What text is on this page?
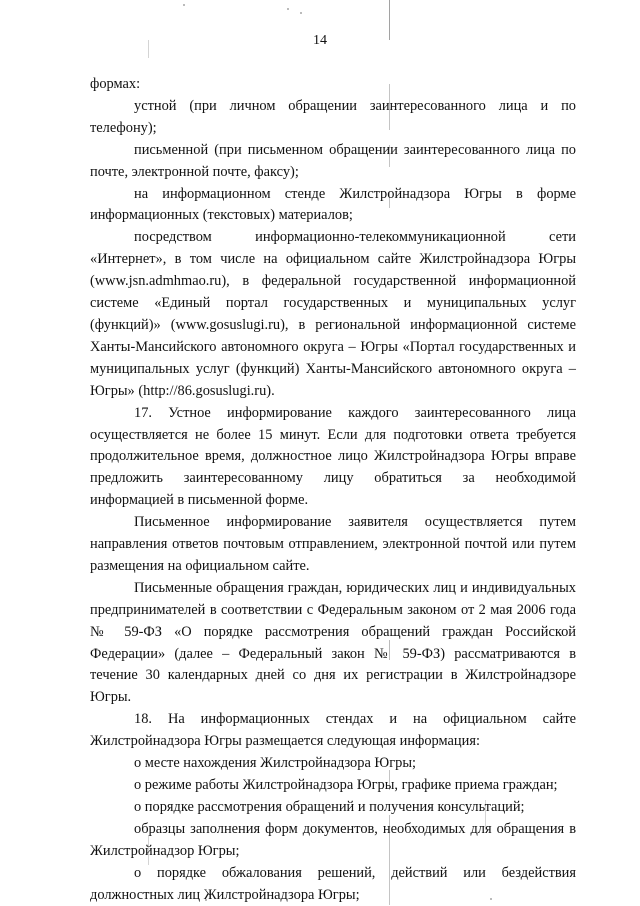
14

формах:

устной (при личном обращении заинтересованного лица и по телефону);

письменной (при письменном обращении заинтересованного лица по почте, электронной почте, факсу);

на информационном стенде Жилстройнадзора Югры в форме информационных (текстовых) материалов;

посредством информационно-телекоммуникационной сети «Интернет», в том числе на официальном сайте Жилстройнадзора Югры (www.jsn.admhmao.ru), в федеральной государственной информационной системе «Единый портал государственных и муниципальных услуг (функций)» (www.gosuslugi.ru), в региональной информационной системе Ханты-Мансийского автономного округа – Югры «Портал государственных и муниципальных услуг (функций) Ханты-Мансийского автономного округа – Югры» (http://86.gosuslugi.ru).

17. Устное информирование каждого заинтересованного лица осуществляется не более 15 минут. Если для подготовки ответа требуется продолжительное время, должностное лицо Жилстройнадзора Югры вправе предложить заинтересованному лицу обратиться за необходимой информацией в письменной форме.

Письменное информирование заявителя осуществляется путем направления ответов почтовым отправлением, электронной почтой или путем размещения на официальном сайте.

Письменные обращения граждан, юридических лиц и индивидуальных предпринимателей в соответствии с Федеральным законом от 2 мая 2006 года № 59-ФЗ «О порядке рассмотрения обращений граждан Российской Федерации» (далее – Федеральный закон № 59-ФЗ) рассматриваются в течение 30 календарных дней со дня их регистрации в Жилстройнадзоре Югры.

18. На информационных стендах и на официальном сайте Жилстройнадзора Югры размещается следующая информация:

о месте нахождения Жилстройнадзора Югры;

о режиме работы Жилстройнадзора Югры, графике приема граждан;

о порядке рассмотрения обращений и получения консультаций;

образцы заполнения форм документов, необходимых для обращения в Жилстройнадзор Югры;

о порядке обжалования решений, действий или бездействия должностных лиц Жилстройнадзора Югры;
